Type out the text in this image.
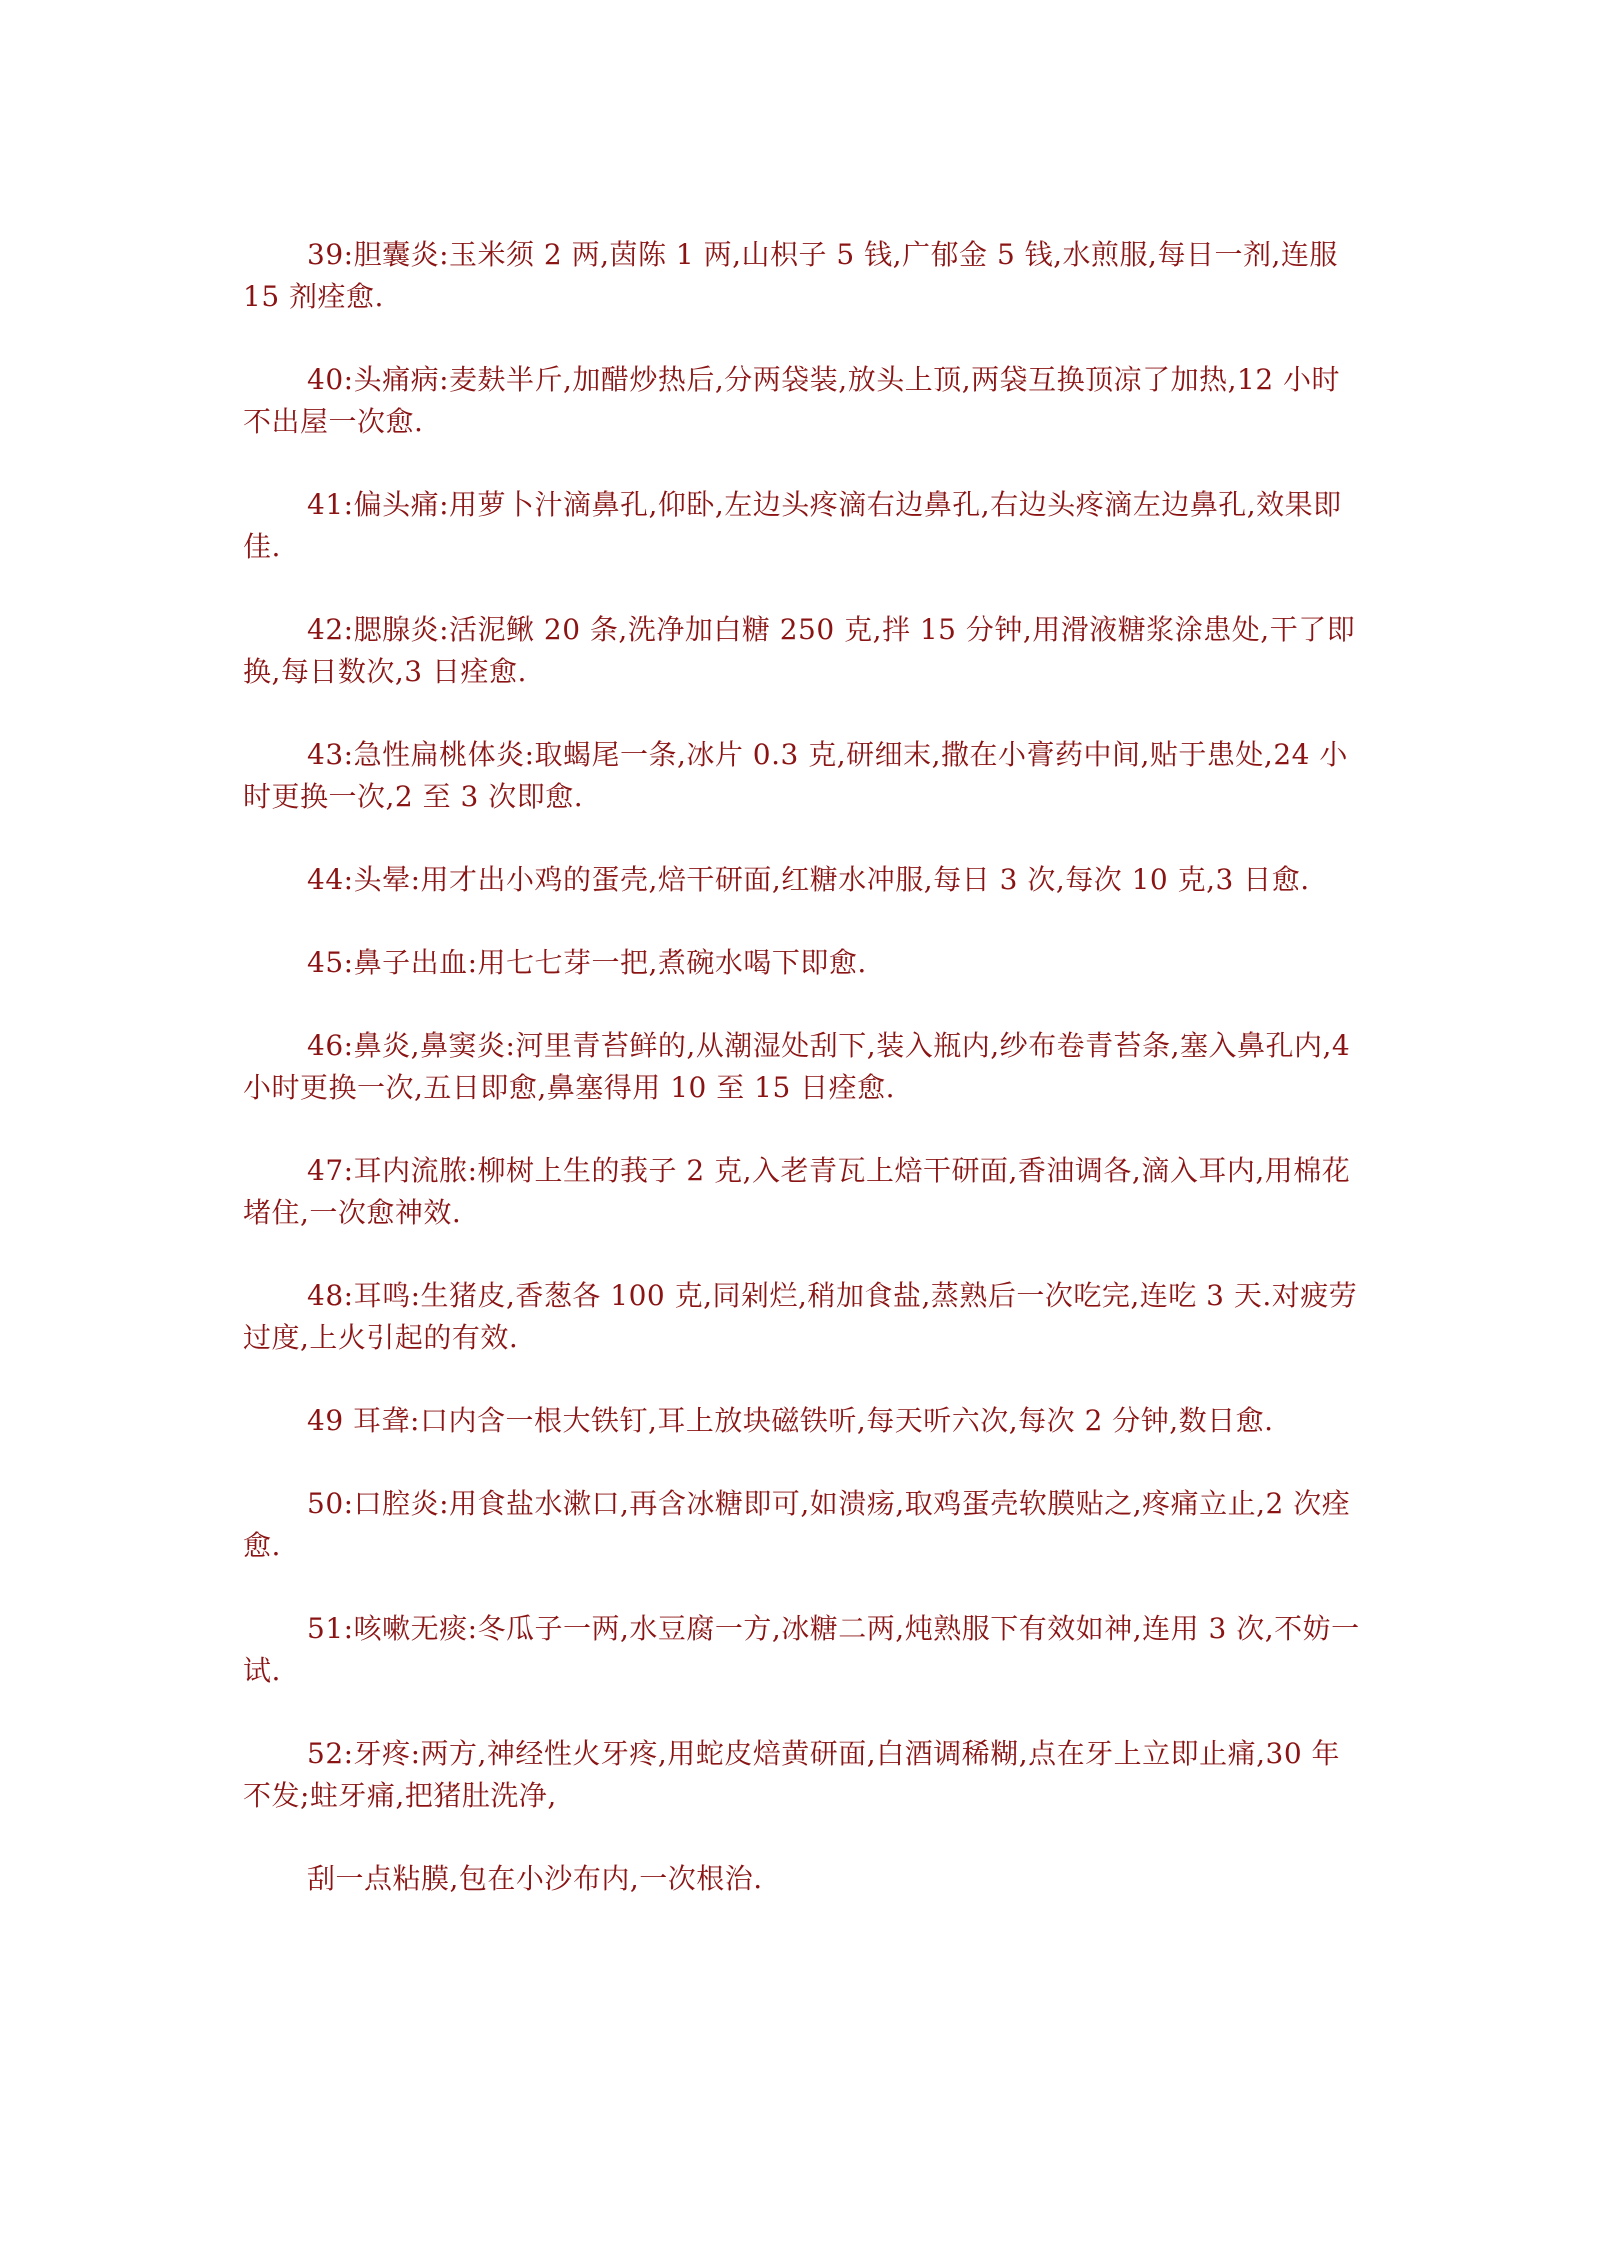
39:胆囊炎:玉米须 2 两,茵陈 1 两,山枳子 5 钱,广郁金 5 钱,水煎服,每日一剂,连服 15 剂痊愈.

40:头痛病:麦麸半斤,加醋炒热后,分两袋装,放头上顶,两袋互换顶凉了加热,12 小时不出屋一次愈.

41:偏头痛:用萝卜汁滴鼻孔,仰卧,左边头疼滴右边鼻孔,右边头疼滴左边鼻孔,效果即佳.

42:腮腺炎:活泥鳅 20 条,洗净加白糖 250 克,拌 15 分钟,用滑液糖浆涂患处,干了即换,每日数次,3 日痊愈.

43:急性扁桃体炎:取蝎尾一条,冰片 0.3 克,研细末,撒在小膏药中间,贴于患处,24 小时更换一次,2 至 3 次即愈.

44:头晕:用才出小鸡的蛋壳,焙干研面,红糖水冲服,每日 3 次,每次 10 克,3 日愈.

45:鼻子出血:用七七芽一把,煮碗水喝下即愈.

46:鼻炎,鼻窦炎:河里青苔鲜的,从潮湿处刮下,装入瓶内,纱布卷青苔条,塞入鼻孔内,4 小时更换一次,五日即愈,鼻塞得用 10 至 15 日痊愈.

47:耳内流脓:柳树上生的莪子 2 克,入老青瓦上焙干研面,香油调各,滴入耳内,用棉花堵住,一次愈神效.

48:耳鸣:生猪皮,香葱各 100 克,同剁烂,稍加食盐,蒸熟后一次吃完,连吃 3 天.对疲劳过度,上火引起的有效.

49 耳聋:口内含一根大铁钉,耳上放块磁铁听,每天听六次,每次 2 分钟,数日愈.

50:口腔炎:用食盐水漱口,再含冰糖即可,如溃疡,取鸡蛋壳软膜贴之,疼痛立止,2 次痊愈.

51:咳嗽无痰:冬瓜子一两,水豆腐一方,冰糖二两,炖熟服下有效如神,连用 3 次,不妨一试.

52:牙疼:两方,神经性火牙疼,用蛇皮焙黄研面,白酒调稀糊,点在牙上立即止痛,30 年不发;蛀牙痛,把猪肚洗净,

刮一点粘膜,包在小沙布内,一次根治.
